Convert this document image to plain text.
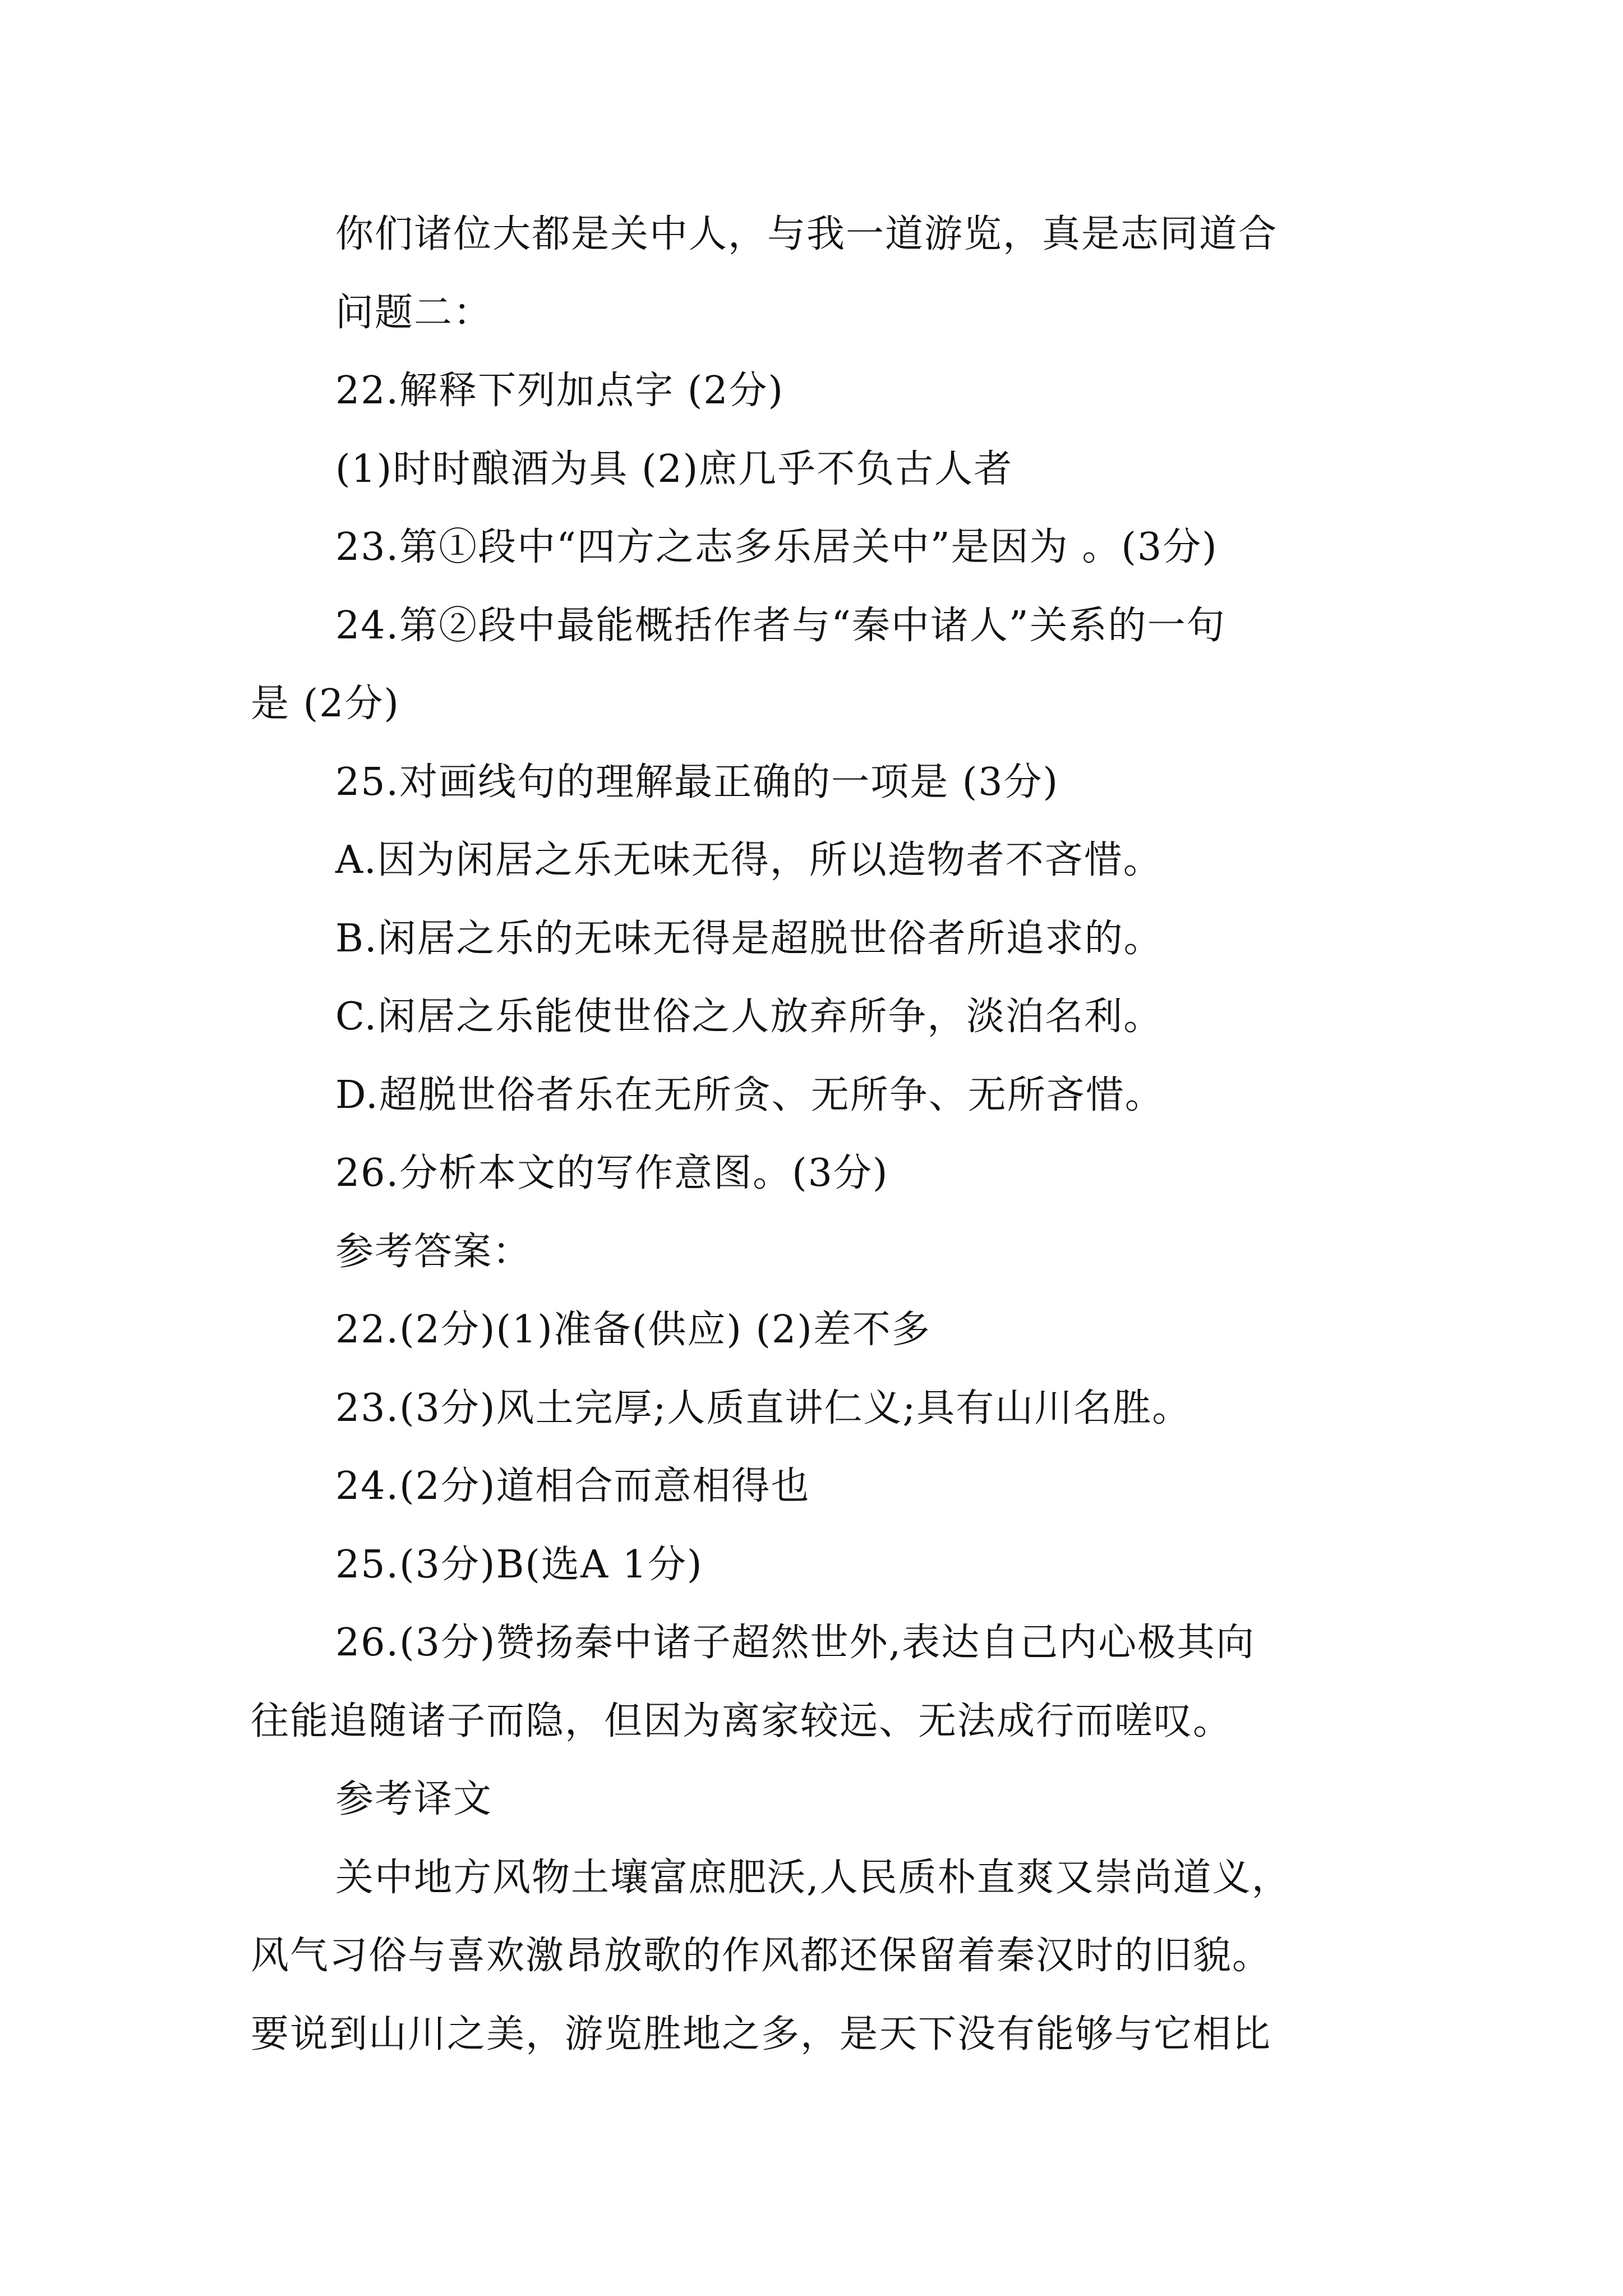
你们诸位大都是关中人，与我一道游览，真是志同道合
问题二：
22.解释下列加点字 (2分)
(1)时时酿酒为具 (2)庶几乎不负古人者
23.第①段中“四方之志多乐居关中”是因为 。(3分)
24.第②段中最能概括作者与“秦中诸人”关系的一句
是 (2分)
25.对画线句的理解最正确的一项是 (3分)
A.因为闲居之乐无味无得，所以造物者不吝惜。
B.闲居之乐的无味无得是超脱世俗者所追求的。
C.闲居之乐能使世俗之人放弃所争，淡泊名利。
D.超脱世俗者乐在无所贪、无所争、无所吝惜。
26.分析本文的写作意图。(3分)
参考答案：
22.(2分)(1)准备(供应) (2)差不多
23.(3分)风土完厚;人质直讲仁义;具有山川名胜。
24.(2分)道相合而意相得也
25.(3分)B(选A 1分)
26.(3分)赞扬秦中诸子超然世外,表达自己内心极其向
往能追随诸子而隐，但因为离家较远、无法成行而嗟叹。
参考译文
关中地方风物土壤富庶肥沃,人民质朴直爽又崇尚道义，
风气习俗与喜欢激昂放歌的作风都还保留着秦汉时的旧貌。
要说到山川之美，游览胜地之多，是天下没有能够与它相比
